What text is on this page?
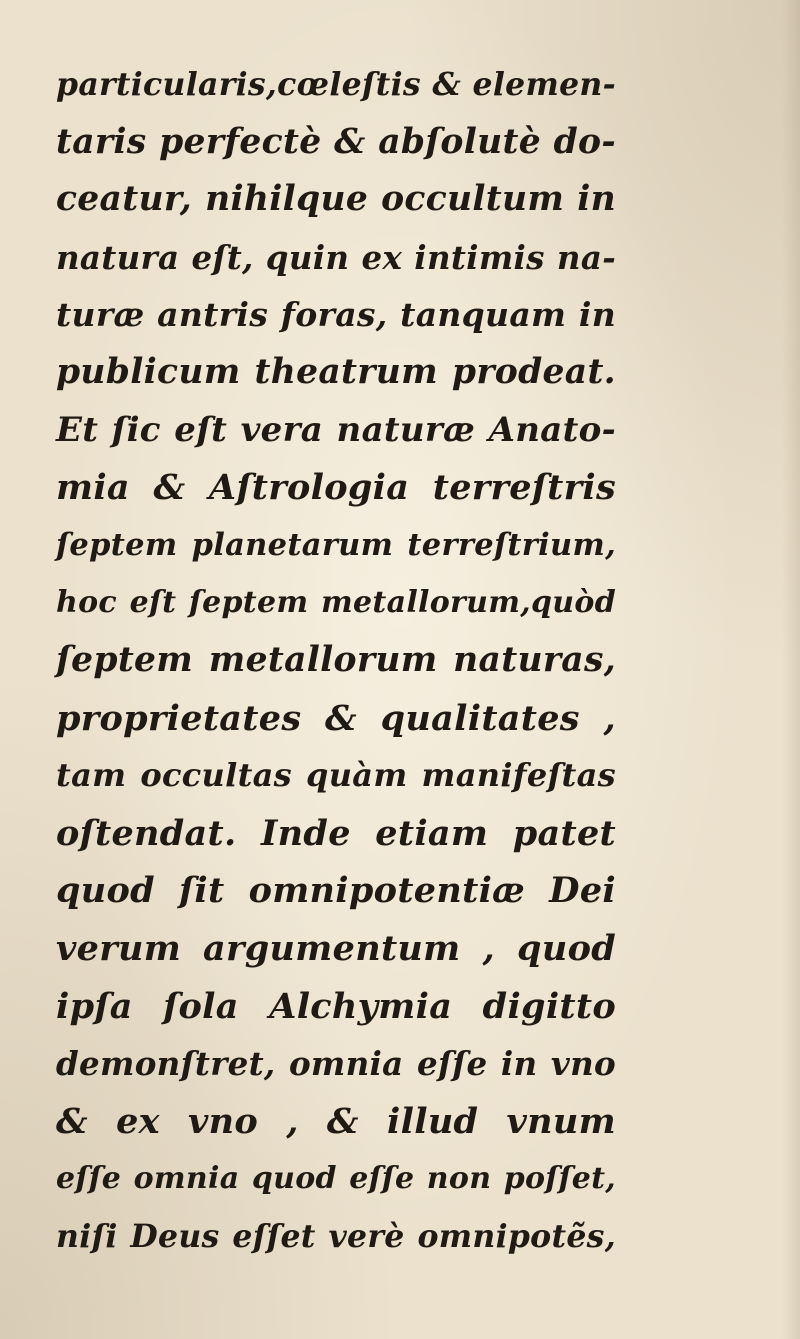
particularis,cœleſtis & elemen-
taris perfectè & abſolutè do-
ceatur, nihilque occultum in
natura eſt, quin ex intimis na-
turæ antris foras, tanquam in
publicum theatrum prodeat.
Et ſic eſt vera naturæ Anato-
mia & Aſtrologia terreſtris
ſeptem planetarum terreſtrium,
hoc eſt ſeptem metallorum,quòd
ſeptem metallorum naturas,
proprietates & qualitates ,
tam occultas quàm manifeſtas
oſtendat. Inde etiam patet
quod ſit omnipotentiæ Dei
verum argumentum , quod
ipſa ſola Alchymia digitto
demonſtret, omnia eſſe in vno
& ex vno , & illud vnum
eſſe omnia quod eſſe non poſſet,
niſi Deus eſſet verè omnipotẽs,
